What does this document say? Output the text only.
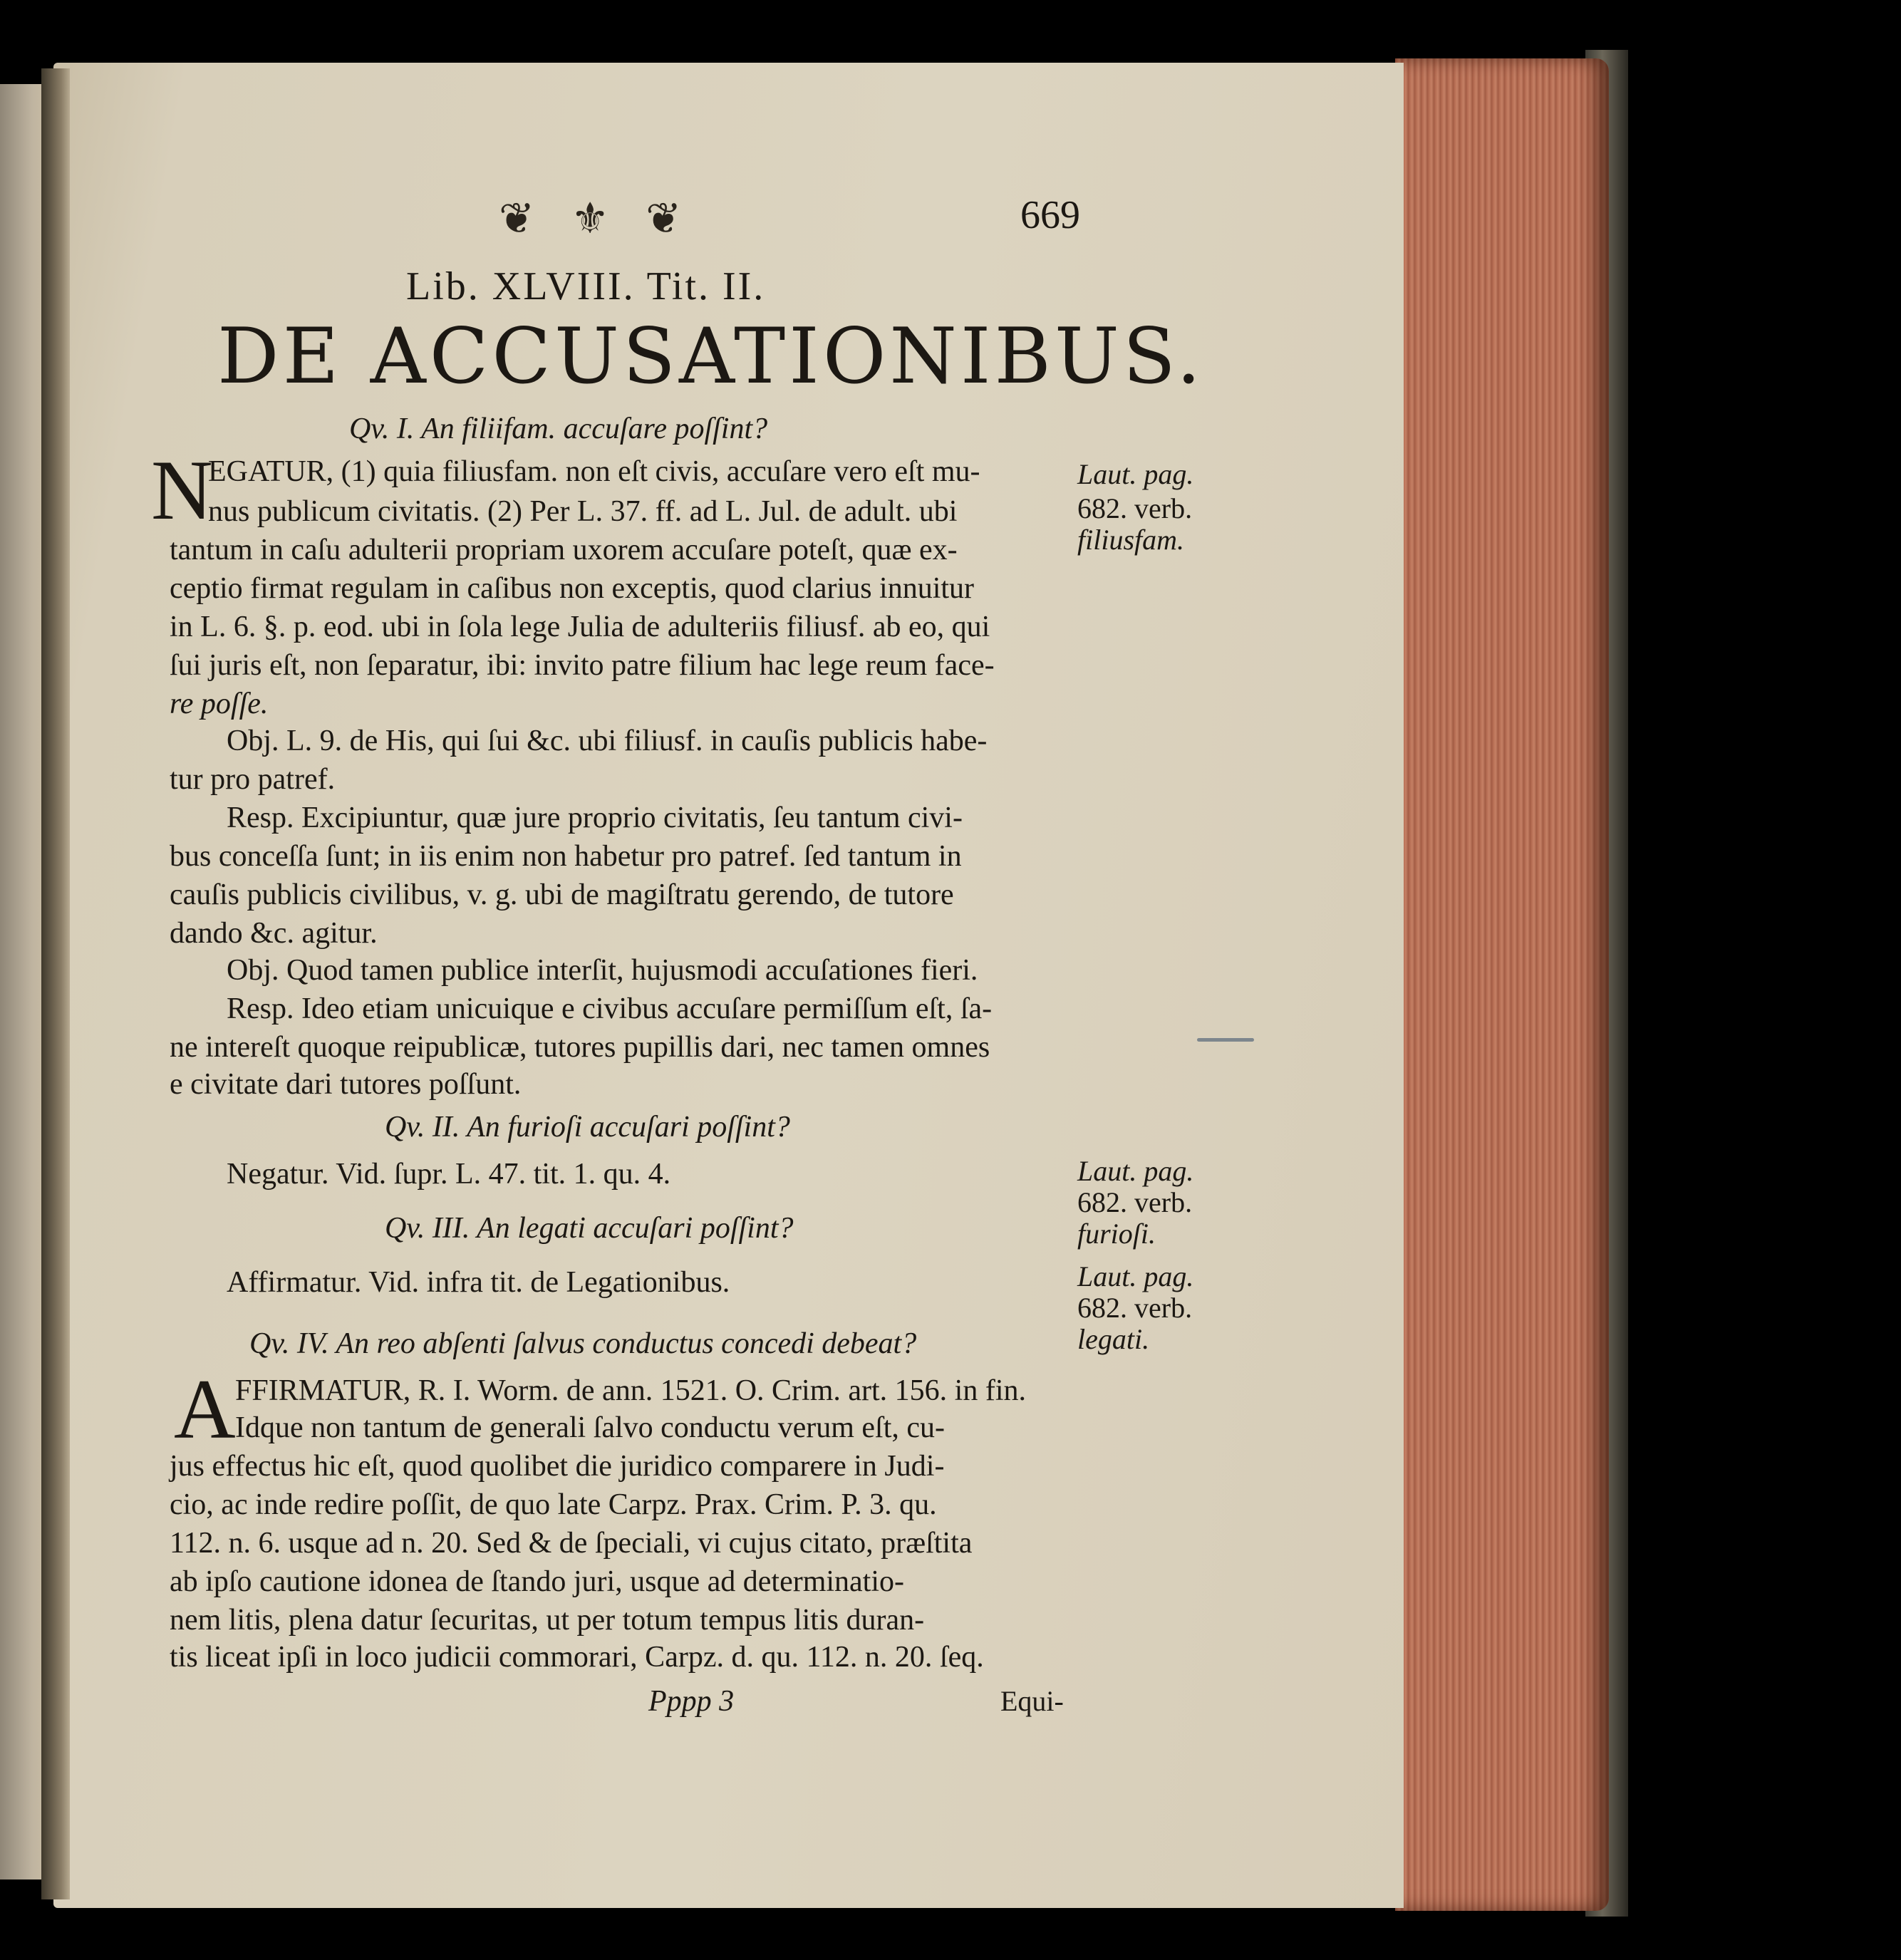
❦ ⚜ ❦	669
Lib. XLVIII. Tit. II.
DE ACCUSATIONIBUS.
Qv. I. An filiifam. accuſare poſſint?
N
EGATUR, (1) quia filiusfam. non eſt civis, accuſare vero eſt mu-
nus publicum civitatis. (2) Per L. 37. ff. ad L. Jul. de adult. ubi
tantum in caſu adulterii propriam uxorem accuſare poteſt, quæ ex-
ceptio firmat regulam in caſibus non exceptis, quod clarius innuitur
in L. 6. §. p. eod. ubi in ſola lege Julia de adulteriis filiusf. ab eo, qui
ſui juris eſt, non ſeparatur, ibi: invito patre filium hac lege reum face-
re poſſe.
Obj. L. 9. de His, qui ſui &c. ubi filiusf. in cauſis publicis habe-
tur pro patref.
Resp. Excipiuntur, quæ jure proprio civitatis, ſeu tantum civi-
bus conceſſa ſunt; in iis enim non habetur pro patref. ſed tantum in
cauſis publicis civilibus, v. g. ubi de magiſtratu gerendo, de tutore
dando &c. agitur.
Obj. Quod tamen publice interſit, hujusmodi accuſationes fieri.
Resp. Ideo etiam unicuique e civibus accuſare permiſſum eſt, ſa-
ne intereſt quoque reipublicæ, tutores pupillis dari, nec tamen omnes
e civitate dari tutores poſſunt.
Qv. II. An furioſi accuſari poſſint?
Negatur. Vid. ſupr. L. 47. tit. 1. qu. 4.
Qv. III. An legati accuſari poſſint?
Affirmatur. Vid. infra tit. de Legationibus.
Qv. IV. An reo abſenti ſalvus conductus concedi debeat?
A FFIRMATUR, R. I. Worm. de ann. 1521. O. Crim. art. 156. in fin.
Idque non tantum de generali ſalvo conductu verum eſt, cu-
jus effectus hic eſt, quod quolibet die juridico comparere in Judi-
cio, ac inde redire poſſit, de quo late Carpz. Prax. Crim. P. 3. qu.
112. n. 6. usque ad n. 20. Sed & de ſpeciali, vi cujus citato, præſtita
ab ipſo cautione idonea de ſtando juri, usque ad determinatio-
nem litis, plena datur ſecuritas, ut per totum tempus litis duran-
tis liceat ipſi in loco judicii commorari, Carpz. d. qu. 112. n. 20. ſeq.
Pppp 3	Equi-
Laut. pag.
682. verb.
filiusfam.
Laut. pag.
682. verb.
furioſi.
Laut. pag.
682. verb.
legati.
